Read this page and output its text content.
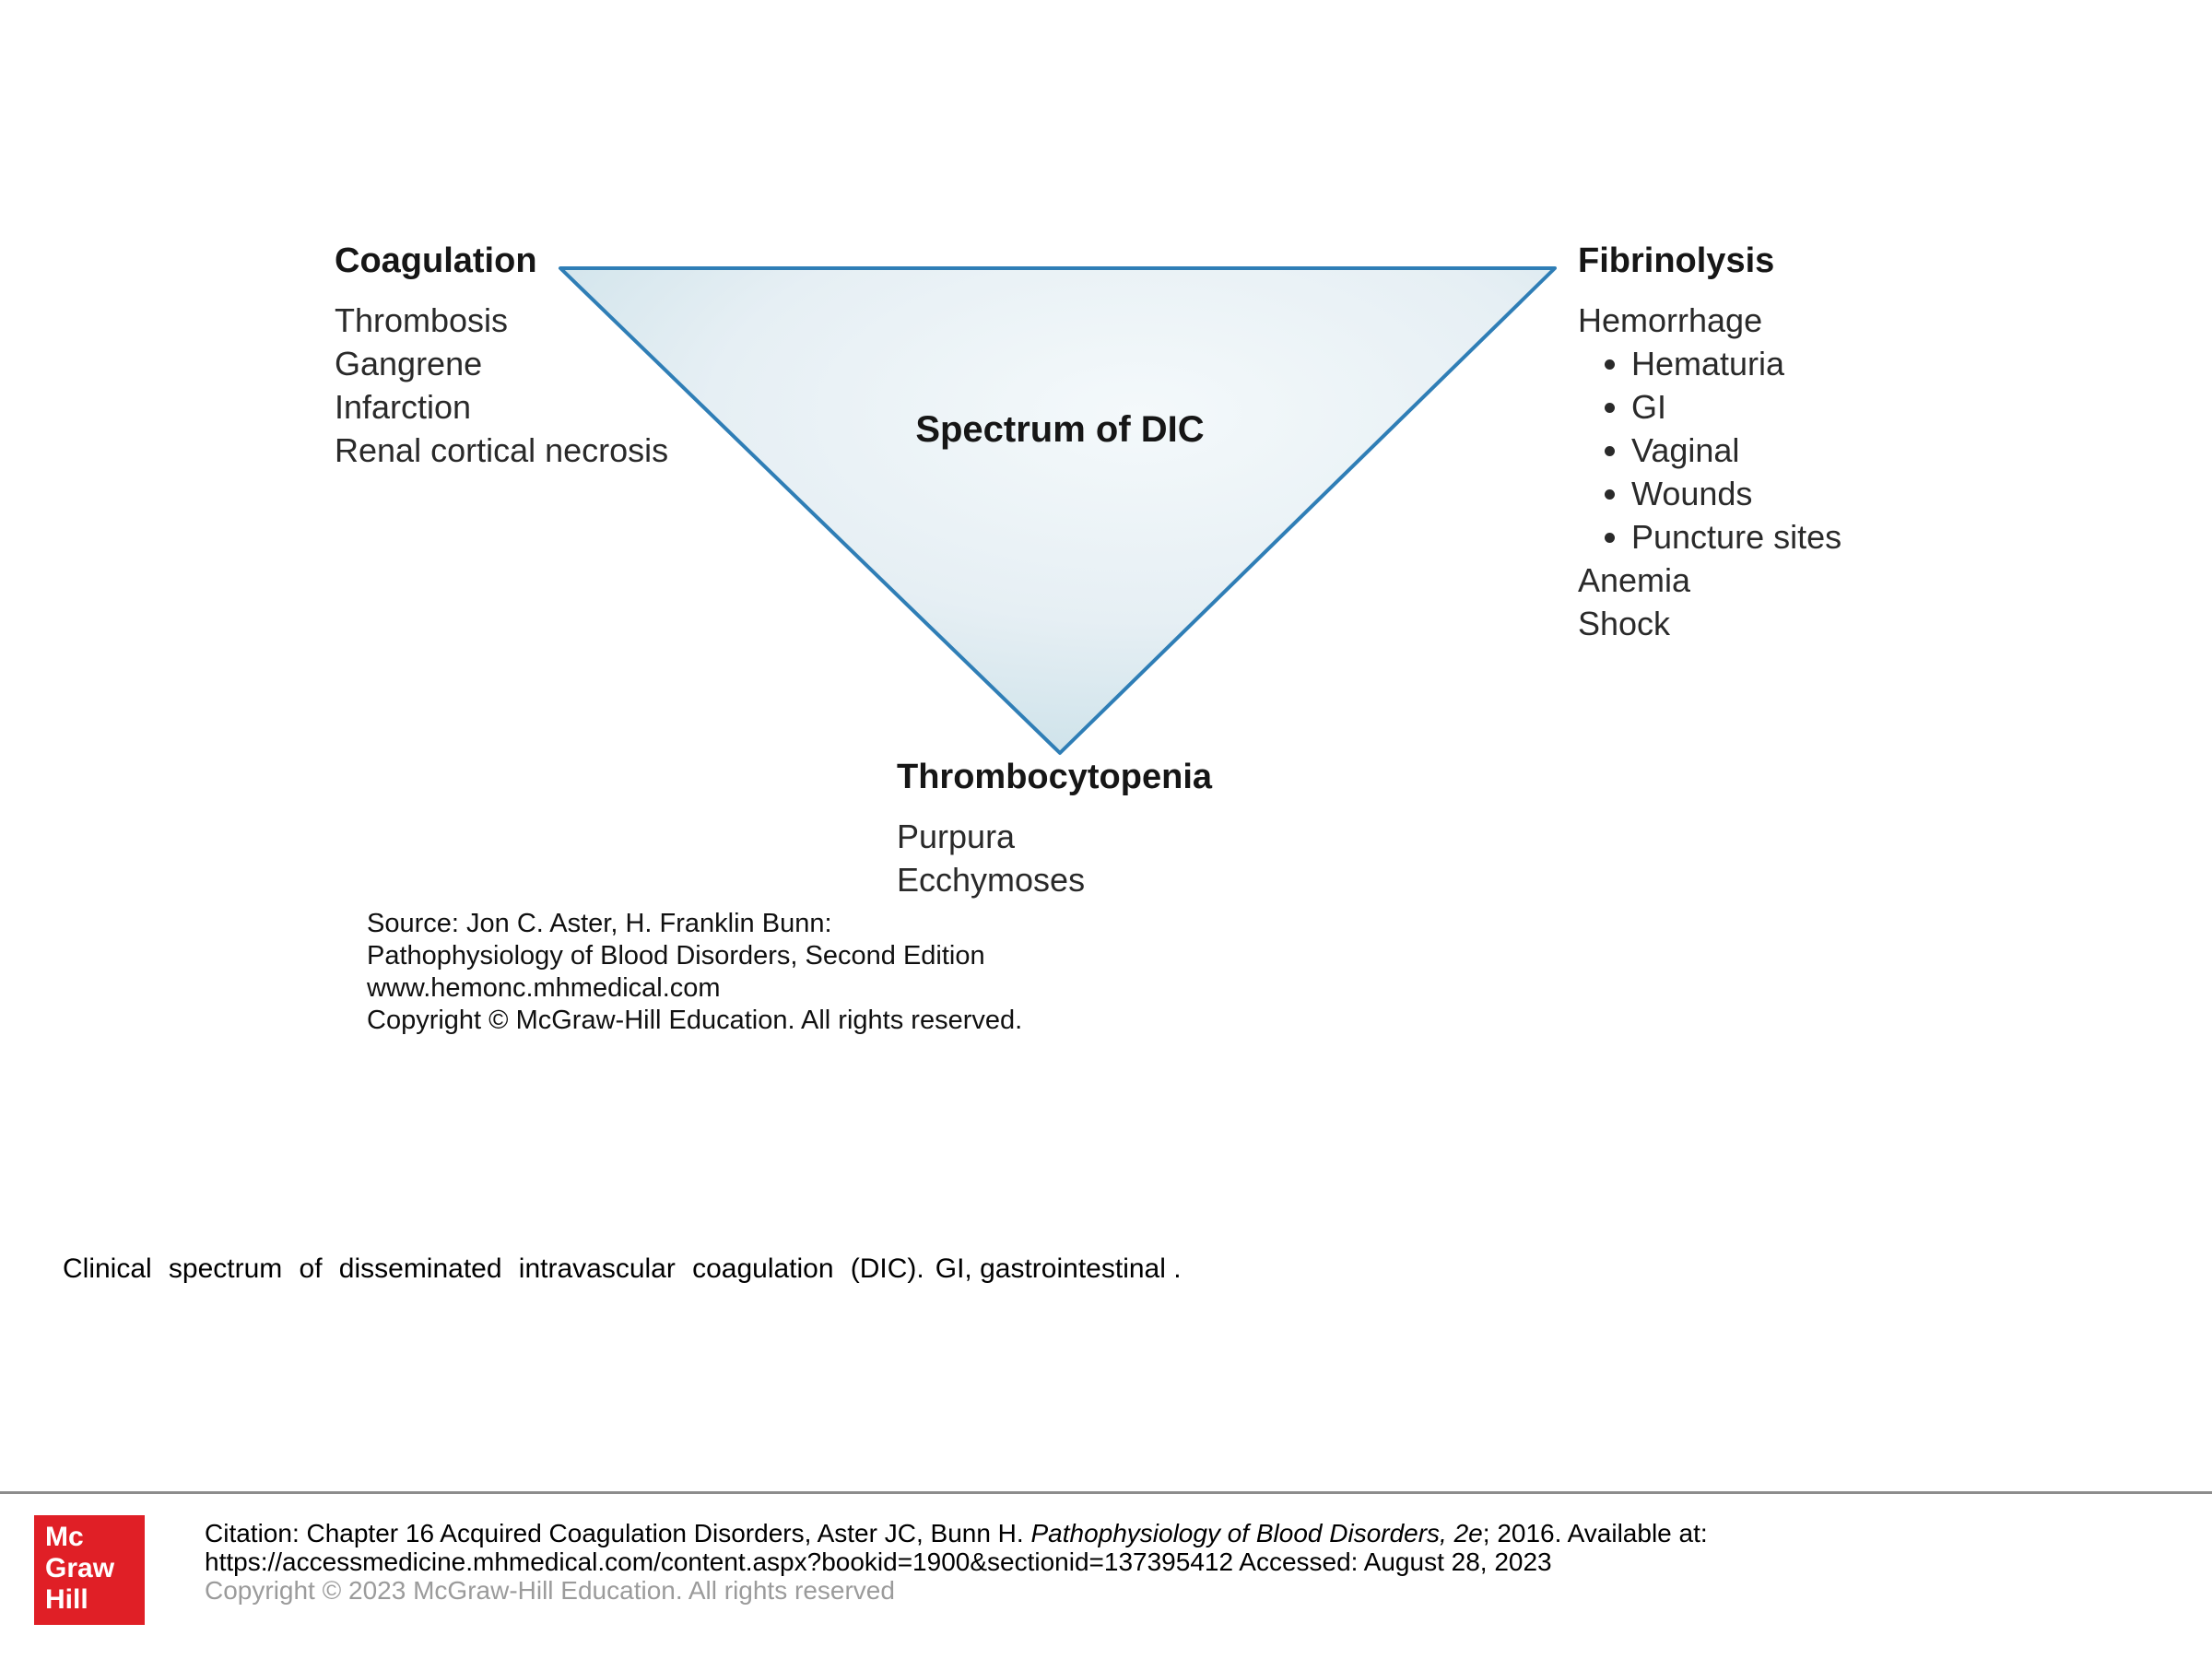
Coagulation
Thrombosis
Gangrene
Infarction
Renal cortical necrosis
Spectrum of DIC
Fibrinolysis
Hemorrhage
• Hematuria
• GI
• Vaginal
• Wounds
• Puncture sites
Anemia
Shock
Thrombocytopenia
Purpura
Ecchymoses
Source: Jon C. Aster, H. Franklin Bunn:
Pathophysiology of Blood Disorders, Second Edition
www.hemonc.mhmedical.com
Copyright © McGraw-Hill Education. All rights reserved.
Clinical spectrum of disseminated intravascular coagulation (DIC). GI, gastrointestinal .
Mc
Graw
Hill
Citation: Chapter 16 Acquired Coagulation Disorders, Aster JC, Bunn H. Pathophysiology of Blood Disorders, 2e; 2016. Available at:
https://accessmedicine.mhmedical.com/content.aspx?bookid=1900&sectionid=137395412 Accessed: August 28, 2023
Copyright © 2023 McGraw-Hill Education. All rights reserved
